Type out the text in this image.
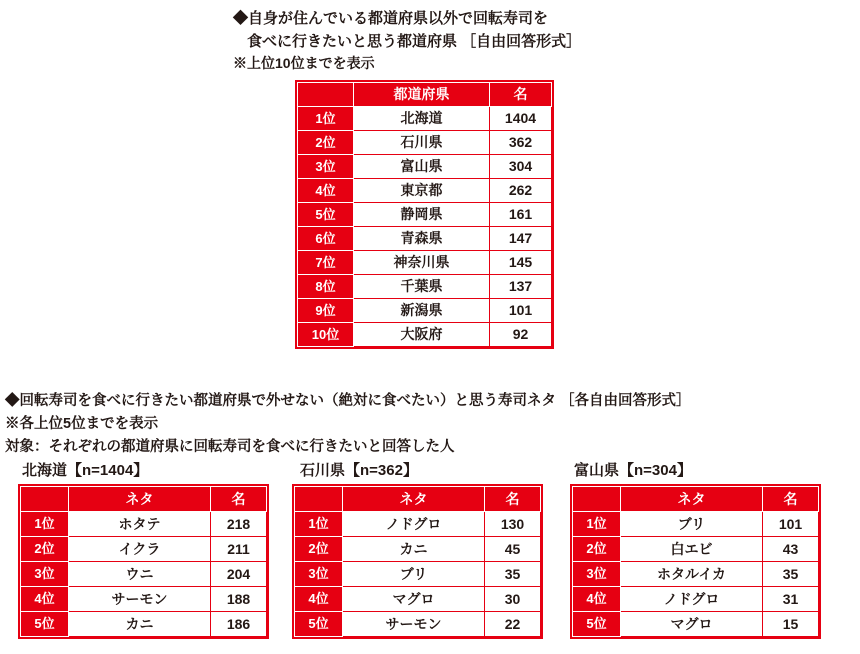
◆自身が住んでいる都道府県以外で回転寿司を
食べに行きたいと思う都道府県 ［自由回答形式］
※上位10位までを表示
	都道府県	名
1位	北海道	1404
2位	石川県	362
3位	富山県	304
4位	東京都	262
5位	静岡県	161
6位	青森県	147
7位	神奈川県	145
8位	千葉県	137
9位	新潟県	101
10位	大阪府	92
◆回転寿司を食べに行きたい都道府県で外せない（絶対に食べたい）と思う寿司ネタ ［各自由回答形式］
※各上位5位までを表示
対象：それぞれの都道府県に回転寿司を食べに行きたいと回答した人
北海道【n=1404】
	ネタ	名
1位	ホタテ	218
2位	イクラ	211
3位	ウニ	204
4位	サーモン	188
5位	カニ	186
石川県【n=362】
	ネタ	名
1位	ノドグロ	130
2位	カニ	45
3位	ブリ	35
4位	マグロ	30
5位	サーモン	22
富山県【n=304】
	ネタ	名
1位	ブリ	101
2位	白エビ	43
3位	ホタルイカ	35
4位	ノドグロ	31
5位	マグロ	15
